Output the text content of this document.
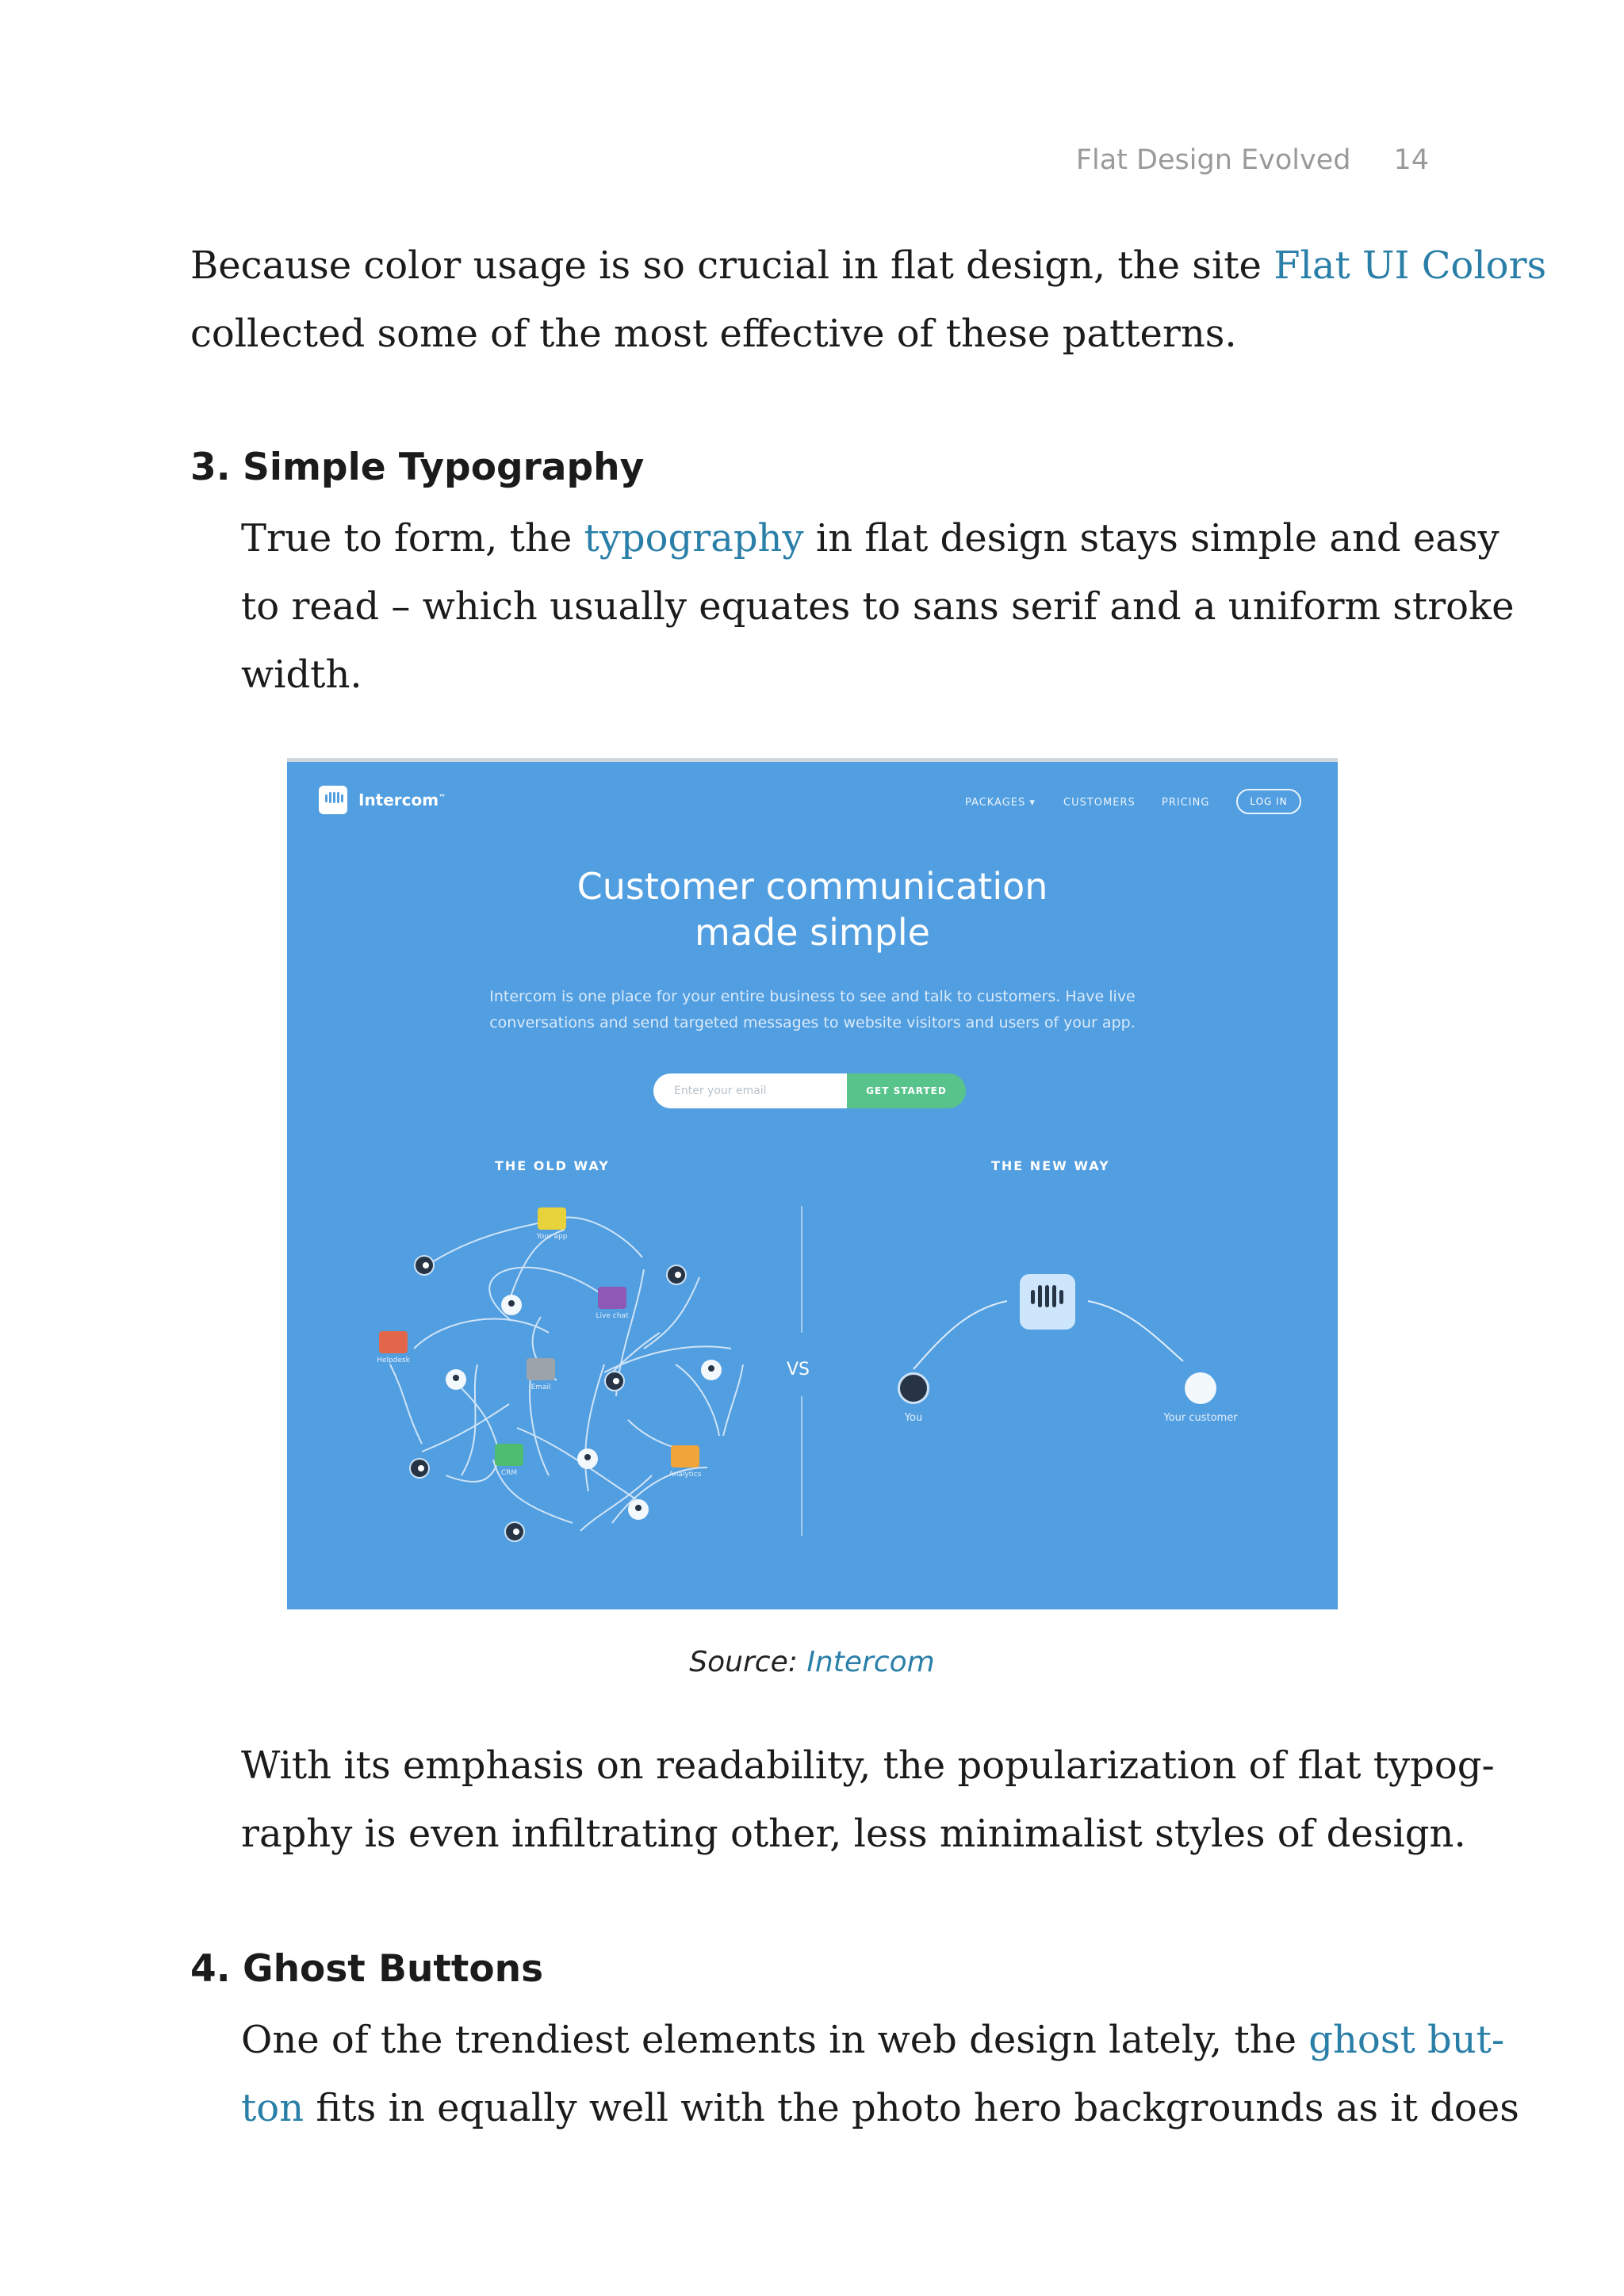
Flat Design Evolved 14

Because color usage is so crucial in flat design, the site Flat UI Colors

collected some of the most effective of these patterns.

3. Simple Typography

True to form, the typography in flat design stays simple and easy

to read – which usually equates to sans serif and a uniform stroke

width.

Intercom™	PACKAGES ▾	CUSTOMERS	PRICING	LOG IN
Customer communication
made simple
Intercom is one place for your entire business to see and talk to customers. Have live
conversations and send targeted messages to website visitors and users of your app.
Enter your email	GET STARTED
THE OLD WAY	THE NEW WAY
VS
Your app
Live chat
Helpdesk
Email
CRM	Analytics
You	Your customer
Source: Intercom

With its emphasis on readability, the popularization of flat typog-

raphy is even infiltrating other, less minimalist styles of design.

4. Ghost Buttons

One of the trendiest elements in web design lately, the ghost but-

ton fits in equally well with the photo hero backgrounds as it does
